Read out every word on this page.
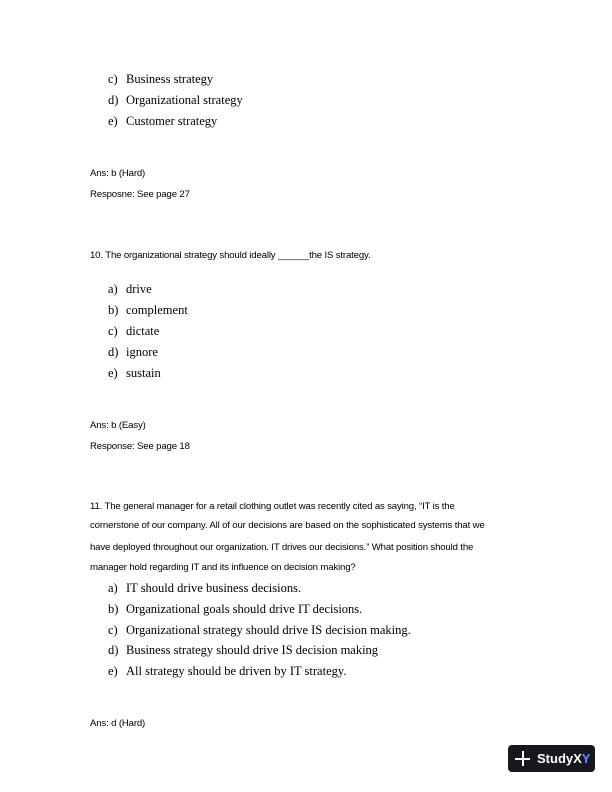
c) Business strategy
d) Organizational strategy
e) Customer strategy
Ans: b (Hard)
Resposne: See page 27
10. The organizational strategy should ideally ______the IS strategy.
a) drive
b) complement
c) dictate
d) ignore
e) sustain
Ans: b (Easy)
Response: See page 18
11. The general manager for a retail clothing outlet was recently cited as saying, “IT is the
cornerstone of our company. All of our decisions are based on the sophisticated systems that we
have deployed throughout our organization. IT drives our decisions.” What position should the
manager hold regarding IT and its influence on decision making?
a) IT should drive business decisions.
b) Organizational goals should drive IT decisions.
c) Organizational strategy should drive IS decision making.
d) Business strategy should drive IS decision making
e) All strategy should be driven by IT strategy.
Ans: d (Hard)
StudyXY
